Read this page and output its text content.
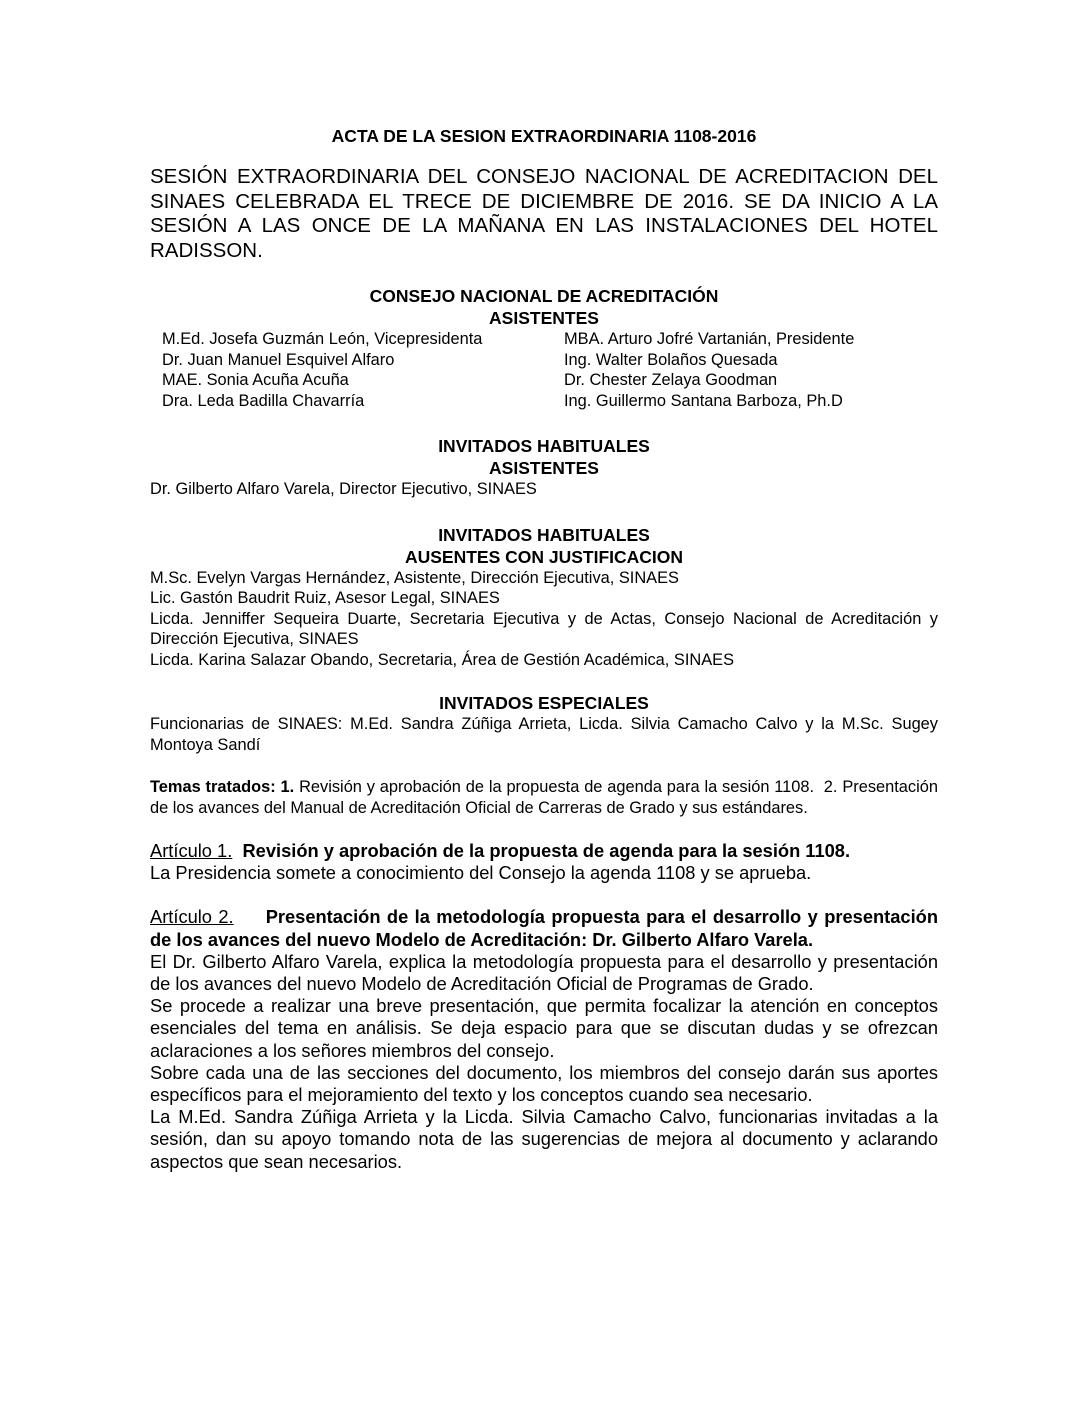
ACTA DE LA SESION EXTRAORDINARIA 1108-2016

SESIÓN EXTRAORDINARIA DEL CONSEJO NACIONAL DE ACREDITACION DEL SINAES CELEBRADA EL TRECE DE DICIEMBRE DE 2016. SE DA INICIO A LA SESIÓN A LAS ONCE DE LA MAÑANA EN LAS INSTALACIONES DEL HOTEL RADISSON.

CONSEJO NACIONAL DE ACREDITACIÓN

ASISTENTES

M.Ed. Josefa Guzmán León, Vicepresidenta	MBA. Arturo Jofré Vartanián, Presidente
Dr. Juan Manuel Esquivel Alfaro	Ing. Walter Bolaños Quesada
MAE. Sonia Acuña Acuña	Dr. Chester Zelaya Goodman
Dra. Leda Badilla Chavarría	Ing. Guillermo Santana Barboza, Ph.D

INVITADOS HABITUALES

ASISTENTES

Dr. Gilberto Alfaro Varela, Director Ejecutivo, SINAES

INVITADOS HABITUALES

AUSENTES CON JUSTIFICACION

M.Sc. Evelyn Vargas Hernández, Asistente, Dirección Ejecutiva, SINAES

Lic. Gastón Baudrit Ruiz, Asesor Legal, SINAES

Licda. Jenniffer Sequeira Duarte, Secretaria Ejecutiva y de Actas, Consejo Nacional de Acreditación y Dirección Ejecutiva, SINAES

Licda. Karina Salazar Obando, Secretaria, Área de Gestión Académica, SINAES

INVITADOS ESPECIALES

Funcionarias de SINAES: M.Ed. Sandra Zúñiga Arrieta, Licda. Silvia Camacho Calvo y la M.Sc. Sugey Montoya Sandí

Temas tratados: 1. Revisión y aprobación de la propuesta de agenda para la sesión 1108. 2. Presentación de los avances del Manual de Acreditación Oficial de Carreras de Grado y sus estándares.

Artículo 1. Revisión y aprobación de la propuesta de agenda para la sesión 1108.

La Presidencia somete a conocimiento del Consejo la agenda 1108 y se aprueba.

Artículo 2. Presentación de la metodología propuesta para el desarrollo y presentación de los avances del nuevo Modelo de Acreditación: Dr. Gilberto Alfaro Varela.

El Dr. Gilberto Alfaro Varela, explica la metodología propuesta para el desarrollo y presentación de los avances del nuevo Modelo de Acreditación Oficial de Programas de Grado.

Se procede a realizar una breve presentación, que permita focalizar la atención en conceptos esenciales del tema en análisis. Se deja espacio para que se discutan dudas y se ofrezcan aclaraciones a los señores miembros del consejo.

Sobre cada una de las secciones del documento, los miembros del consejo darán sus aportes específicos para el mejoramiento del texto y los conceptos cuando sea necesario.

La M.Ed. Sandra Zúñiga Arrieta y la Licda. Silvia Camacho Calvo, funcionarias invitadas a la sesión, dan su apoyo tomando nota de las sugerencias de mejora al documento y aclarando aspectos que sean necesarios.
